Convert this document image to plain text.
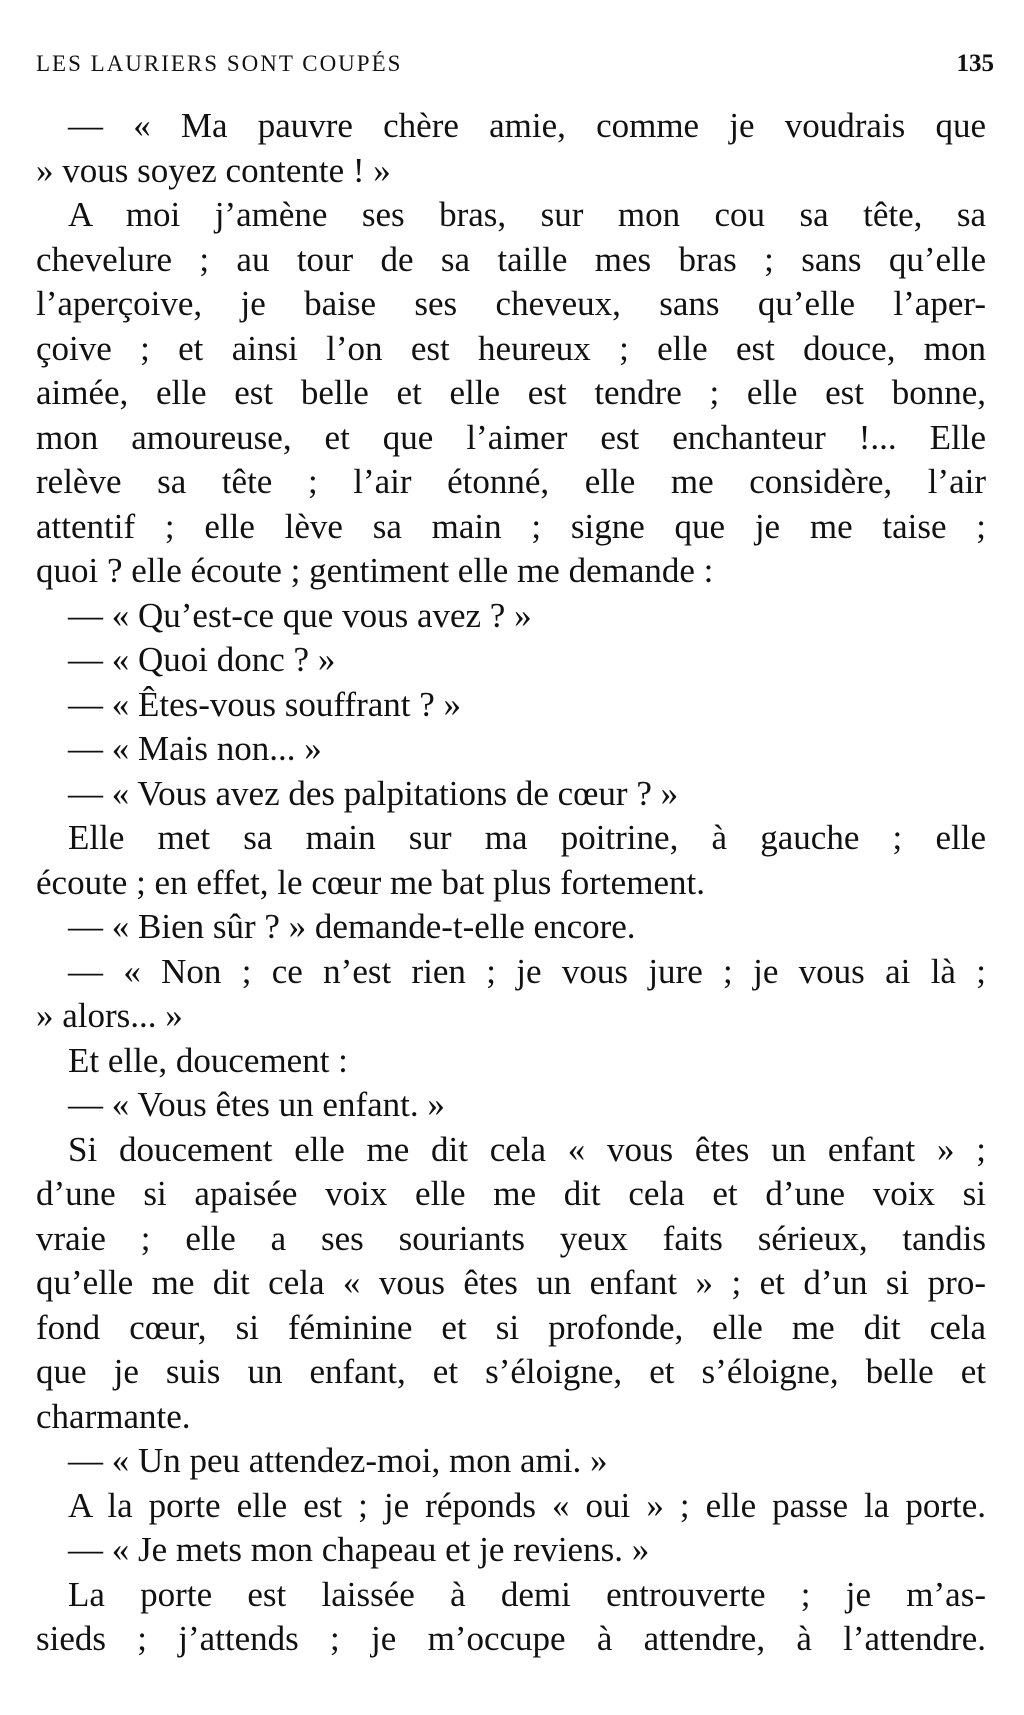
LES LAURIERS SONT COUPÉS	135
— « Ma pauvre chère amie, comme je voudrais que
» vous soyez contente ! »
A moi j’amène ses bras, sur mon cou sa tête, sa
chevelure ; au tour de sa taille mes bras ; sans qu’elle
l’aperçoive, je baise ses cheveux, sans qu’elle l’aper-
çoive ; et ainsi l’on est heureux ; elle est douce, mon
aimée, elle est belle et elle est tendre ; elle est bonne,
mon amoureuse, et que l’aimer est enchanteur !... Elle
relève sa tête ; l’air étonné, elle me considère, l’air
attentif ; elle lève sa main ; signe que je me taise ;
quoi ? elle écoute ; gentiment elle me demande :
— « Qu’est-ce que vous avez ? »
— « Quoi donc ? »
— « Êtes-vous souffrant ? »
— « Mais non... »
— « Vous avez des palpitations de cœur ? »
Elle met sa main sur ma poitrine, à gauche ; elle
écoute ; en effet, le cœur me bat plus fortement.
— « Bien sûr ? » demande-t-elle encore.
— « Non ; ce n’est rien ; je vous jure ; je vous ai là ;
» alors... »
Et elle, doucement :
— « Vous êtes un enfant. »
Si doucement elle me dit cela « vous êtes un enfant » ;
d’une si apaisée voix elle me dit cela et d’une voix si
vraie ; elle a ses souriants yeux faits sérieux, tandis
qu’elle me dit cela « vous êtes un enfant » ; et d’un si pro-
fond cœur, si féminine et si profonde, elle me dit cela
que je suis un enfant, et s’éloigne, et s’éloigne, belle et
charmante.
— « Un peu attendez-moi, mon ami. »
A la porte elle est ; je réponds « oui » ; elle passe la porte.
— « Je mets mon chapeau et je reviens. »
La porte est laissée à demi entrouverte ; je m’as-
sieds ; j’attends ; je m’occupe à attendre, à l’attendre.
